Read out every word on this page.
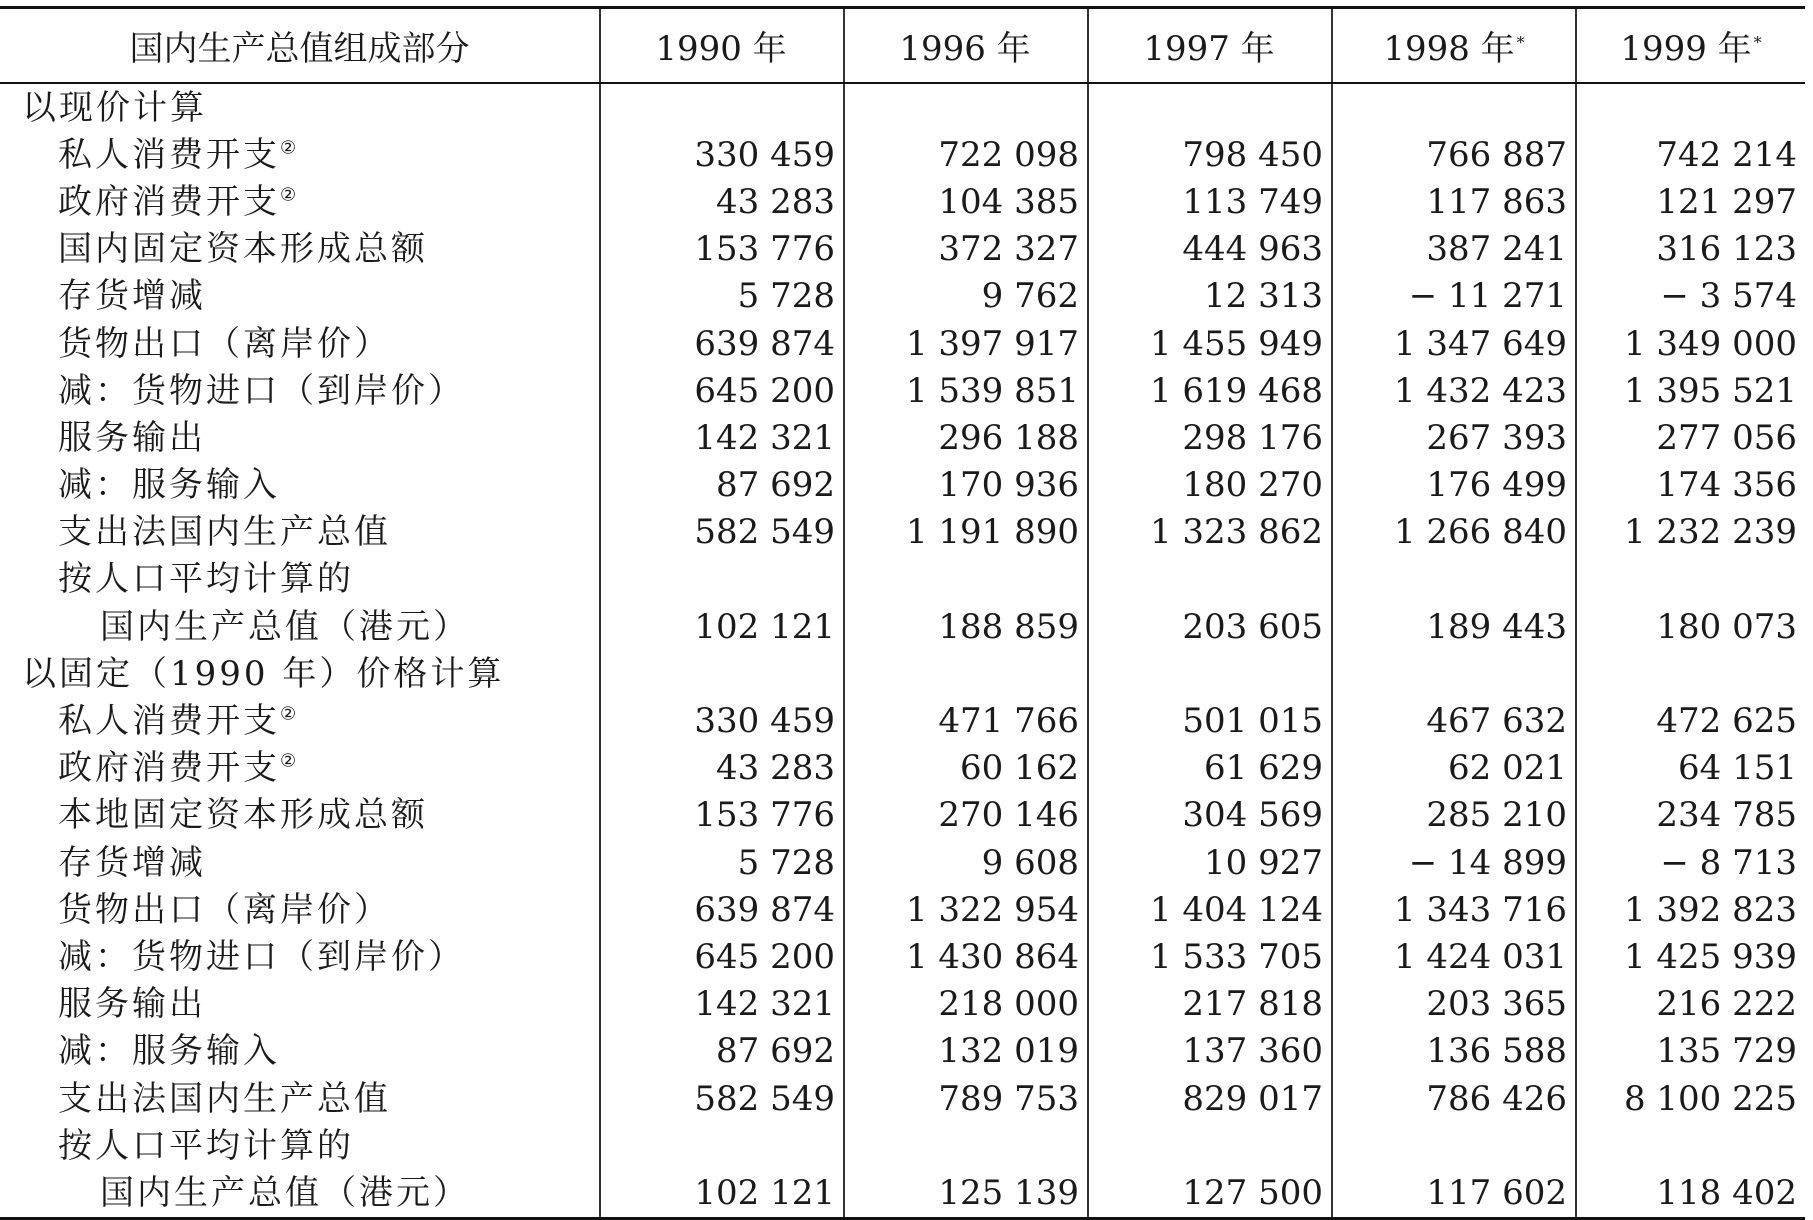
国内生产总值组成部分	1990 年	1996 年	1997 年	1998 年 *	1999 年 *
以现价计算					
私人消费开支②	330 459	722 098	798 450	766 887	742 214
政府消费开支②	43 283	104 385	113 749	117 863	121 297
国内固定资本形成总额	153 776	372 327	444 963	387 241	316 123
存货增减	5 728	9 762	12 313	− 11 271	− 3 574
货物出口（离岸价）	639 874	1 397 917	1 455 949	1 347 649	1 349 000
减：货物进口（到岸价）	645 200	1 539 851	1 619 468	1 432 423	1 395 521
服务输出	142 321	296 188	298 176	267 393	277 056
减：服务输入	87 692	170 936	180 270	176 499	174 356
支出法国内生产总值	582 549	1 191 890	1 323 862	1 266 840	1 232 239
按人口平均计算的					
国内生产总值（港元）	102 121	188 859	203 605	189 443	180 073
以固定（1990 年）价格计算					
私人消费开支②	330 459	471 766	501 015	467 632	472 625
政府消费开支②	43 283	60 162	61 629	62 021	64 151
本地固定资本形成总额	153 776	270 146	304 569	285 210	234 785
存货增减	5 728	9 608	10 927	− 14 899	− 8 713
货物出口（离岸价）	639 874	1 322 954	1 404 124	1 343 716	1 392 823
减：货物进口（到岸价）	645 200	1 430 864	1 533 705	1 424 031	1 425 939
服务输出	142 321	218 000	217 818	203 365	216 222
减：服务输入	87 692	132 019	137 360	136 588	135 729
支出法国内生产总值	582 549	789 753	829 017	786 426	8 100 225
按人口平均计算的					
国内生产总值（港元）	102 121	125 139	127 500	117 602	118 402
